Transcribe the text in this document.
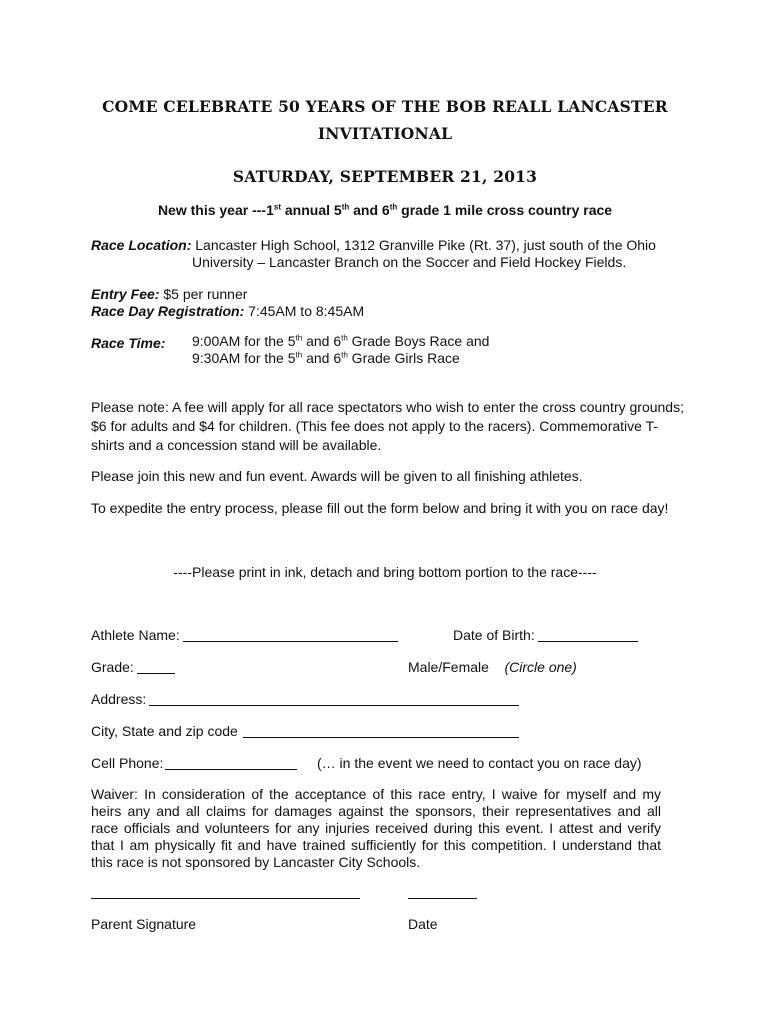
COME CELEBRATE 50 YEARS OF THE BOB REALL LANCASTER
INVITATIONAL
SATURDAY, SEPTEMBER 21, 2013
New this year ---1st annual 5th and 6th grade 1 mile cross country race
Race Location: Lancaster High School, 1312 Granville Pike (Rt. 37), just south of the Ohio
University – Lancaster Branch on the Soccer and Field Hockey Fields.
Entry Fee: $5 per runner
Race Day Registration: 7:45AM to 8:45AM
Race Time: 9:00AM for the 5th and 6th Grade Boys Race and
9:30AM for the 5th and 6th Grade Girls Race
Please note: A fee will apply for all race spectators who wish to enter the cross country grounds;
$6 for adults and $4 for children. (This fee does not apply to the racers). Commemorative T-
shirts and a concession stand will be available.
Please join this new and fun event. Awards will be given to all finishing athletes.
To expedite the entry process, please fill out the form below and bring it with you on race day!
----Please print in ink, detach and bring bottom portion to the race----
Athlete Name:	Date of Birth:
Grade:	Male/Female (Circle one)
Address:
City, State and zip code
Cell Phone:	(… in the event we need to contact you on race day)
Waiver: In consideration of the acceptance of this race entry, I waive for myself and my heirs any and all claims for damages against the sponsors, their representatives and all race officials and volunteers for any injuries received during this event. I attest and verify that I am physically fit and have trained sufficiently for this competition. I understand that this race is not sponsored by Lancaster City Schools.
Parent Signature	Date
